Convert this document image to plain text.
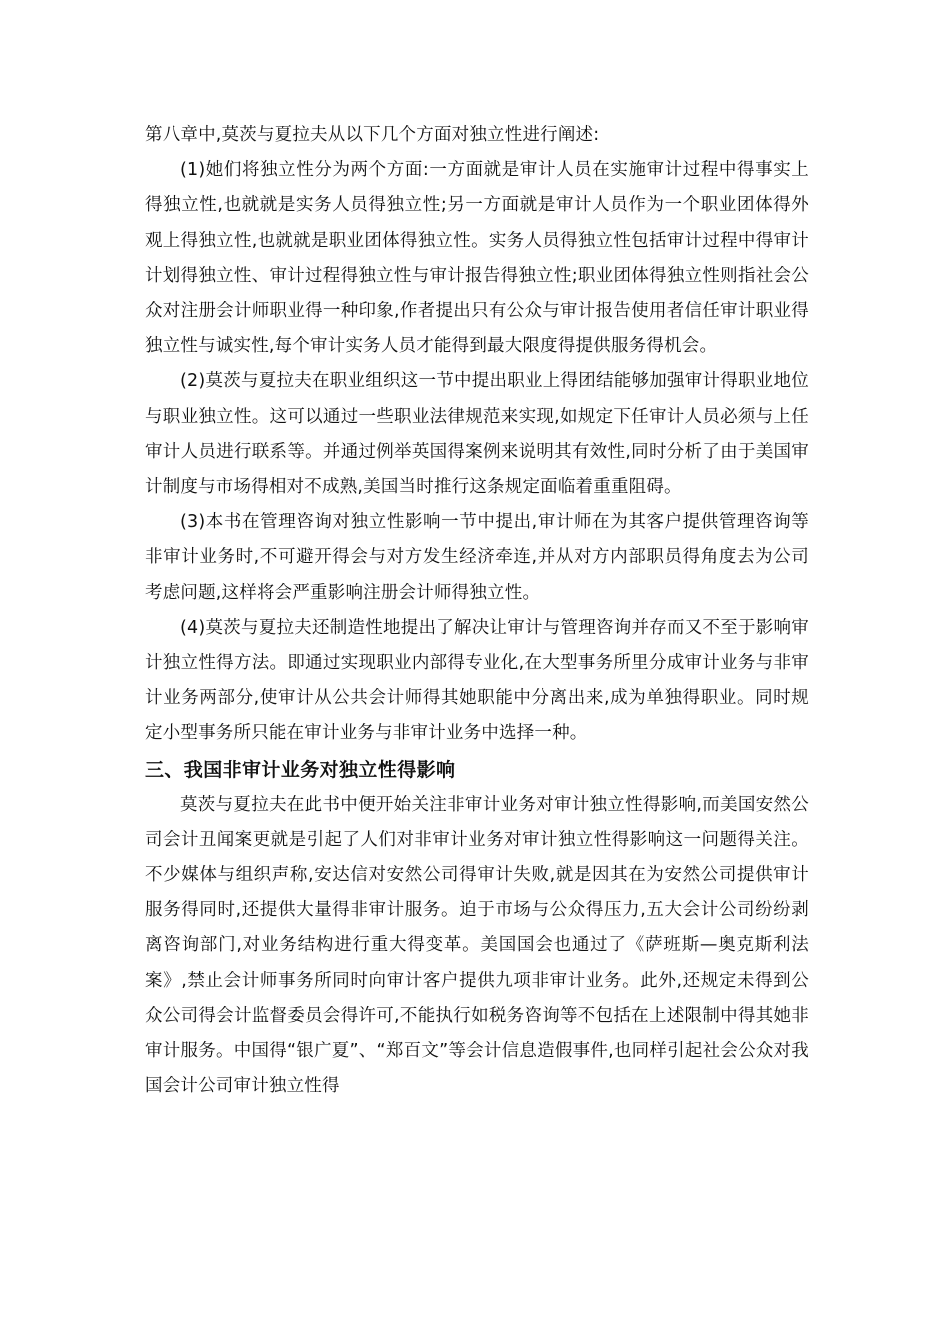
第八章中,莫茨与夏拉夫从以下几个方面对独立性进行阐述:

(1)她们将独立性分为两个方面:一方面就是审计人员在实施审计过程中得事实上得独立性,也就就是实务人员得独立性;另一方面就是审计人员作为一个职业团体得外观上得独立性,也就就是职业团体得独立性。实务人员得独立性包括审计过程中得审计计划得独立性、审计过程得独立性与审计报告得独立性;职业团体得独立性则指社会公众对注册会计师职业得一种印象,作者提出只有公众与审计报告使用者信任审计职业得独立性与诚实性,每个审计实务人员才能得到最大限度得提供服务得机会。

(2)莫茨与夏拉夫在职业组织这一节中提出职业上得团结能够加强审计得职业地位与职业独立性。这可以通过一些职业法律规范来实现,如规定下任审计人员必须与上任审计人员进行联系等。并通过例举英国得案例来说明其有效性,同时分析了由于美国审计制度与市场得相对不成熟,美国当时推行这条规定面临着重重阻碍。

(3)本书在管理咨询对独立性影响一节中提出,审计师在为其客户提供管理咨询等非审计业务时,不可避开得会与对方发生经济牵连,并从对方内部职员得角度去为公司考虑问题,这样将会严重影响注册会计师得独立性。

(4)莫茨与夏拉夫还制造性地提出了解决让审计与管理咨询并存而又不至于影响审计独立性得方法。即通过实现职业内部得专业化,在大型事务所里分成审计业务与非审计业务两部分,使审计从公共会计师得其她职能中分离出来,成为单独得职业。同时规定小型事务所只能在审计业务与非审计业务中选择一种。

三、我国非审计业务对独立性得影响

莫茨与夏拉夫在此书中便开始关注非审计业务对审计独立性得影响,而美国安然公司会计丑闻案更就是引起了人们对非审计业务对审计独立性得影响这一问题得关注。不少媒体与组织声称,安达信对安然公司得审计失败,就是因其在为安然公司提供审计服务得同时,还提供大量得非审计服务。迫于市场与公众得压力,五大会计公司纷纷剥离咨询部门,对业务结构进行重大得变革。美国国会也通过了《萨班斯—奥克斯利法案》,禁止会计师事务所同时向审计客户提供九项非审计业务。此外,还规定未得到公众公司得会计监督委员会得许可,不能执行如税务咨询等不包括在上述限制中得其她非审计服务。中国得“银广夏”、“郑百文”等会计信息造假事件,也同样引起社会公众对我国会计公司审计独立性得
